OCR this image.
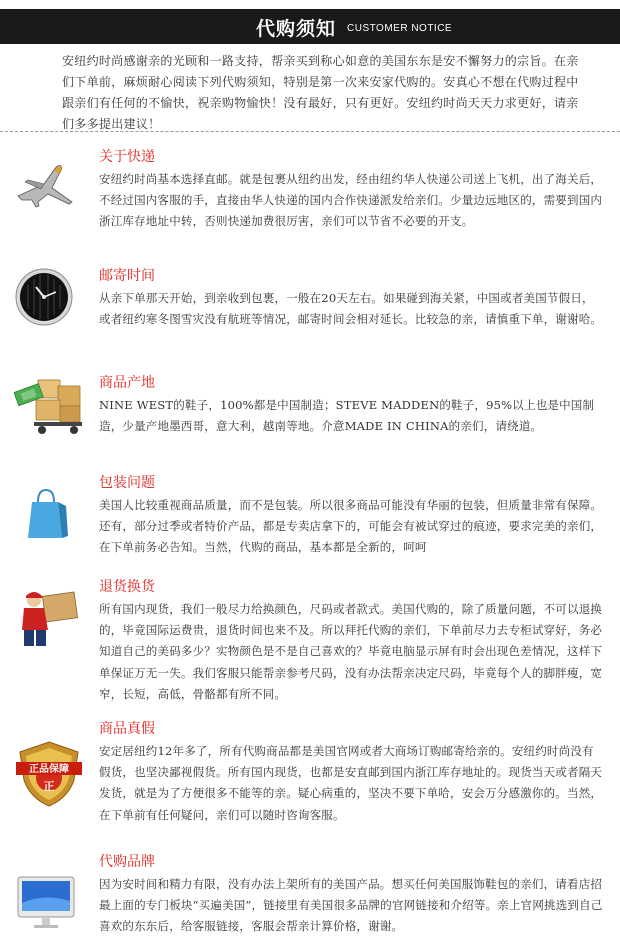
代购须知 CUSTOMER NOTICE
安纽约时尚感谢亲的光顾和一路支持，帮亲买到称心如意的美国东东是安不懈努力的宗旨。在亲们下单前，麻烦耐心阅读下列代购须知，特别是第一次来安家代购的。安真心不想在代购过程中跟亲们有任何的不愉快，祝亲购物愉快！没有最好，只有更好。安纽约时尚天天力求更好，请亲们多多提出建议！
关于快递
安纽约时尚基本选择直邮。就是包裹从纽约出发，经由纽约华人快递公司送上飞机，出了海关后，不经过国内客服的手，直接由华人快递的国内合作快递派发给亲们。少量边远地区的，需要到国内浙江库存地址中转，否则快递加费很厉害，亲们可以节省不必要的开支。
邮寄时间
从亲下单那天开始，到亲收到包裹，一般在20天左右。如果碰到海关紧，中国或者美国节假日，或者纽约寒冬图雪灾没有航班等情况，邮寄时间会相对延长。比较急的亲，请慎重下单，谢谢哈。
商品产地
NINE WEST的鞋子，100%都是中国制造；STEVE MADDEN的鞋子，95%以上也是中国制造，少量产地墨西哥，意大利，越南等地。介意MADE IN CHINA的亲们，请绕道。
包装问题
美国人比较重视商品质量，而不是包装。所以很多商品可能没有华丽的包装，但质量非常有保障。还有，部分过季或者特价产品，都是专卖店拿下的，可能会有被试穿过的痕迹，要求完美的亲们，在下单前务必告知。当然，代购的商品，基本都是全新的，呵呵
退货换货
所有国内现货，我们一般尽力给换颜色，尺码或者款式。美国代购的，除了质量问题，不可以退换的，毕竟国际运费贵，退货时间也来不及。所以拜托代购的亲们，下单前尽力去专柜试穿好，务必知道自己的美码多少？实物颜色是不是自己喜欢的？毕竟电脑显示屏有时会出现色差情况，这样下单保证万无一失。我们客服只能帮亲参考尺码，没有办法帮亲决定尺码，毕竟每个人的脚胖瘦，宽窄，长短，高低，骨骼都有所不同。
正品保障
正
商品真假
安定居纽约12年多了，所有代购商品都是美国官网或者大商场订购邮寄给亲的。安纽约时尚没有假货，也坚决鄙视假货。所有国内现货，也都是安直邮到国内浙江库存地址的。现货当天或者隔天发货，就是为了方便很多不能等的亲。疑心病重的，坚决不要下单哈，安会万分感激你的。当然，在下单前有任何疑问，亲们可以随时咨询客服。
代购品牌
因为安时间和精力有限，没有办法上架所有的美国产品。想买任何美国服饰鞋包的亲们，请看店招最上面的专门板块“买遍美国”，链接里有美国很多品牌的官网链接和介绍等。亲上官网挑选到自己喜欢的东东后，给客服链接，客服会帮亲计算价格，谢谢。
